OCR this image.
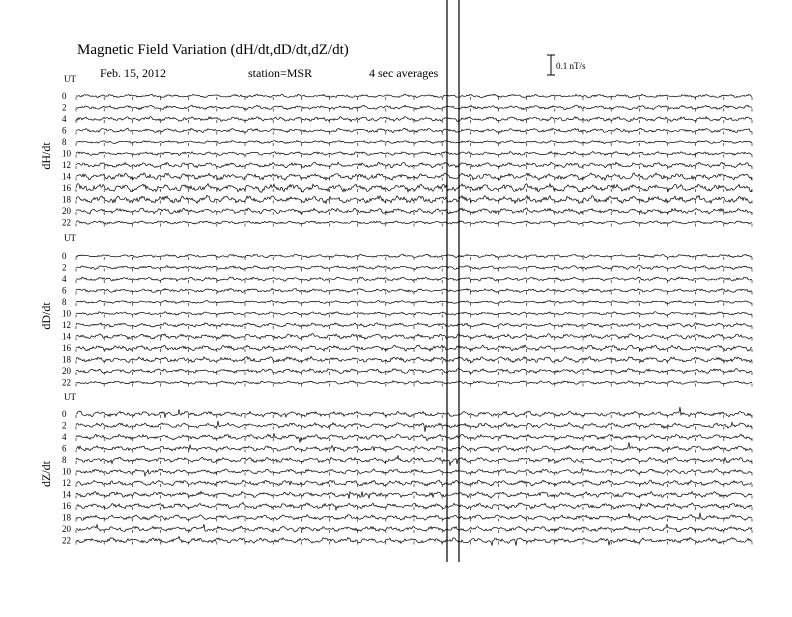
Magnetic Field Variation (dH/dt,dD/dt,dZ/dt)
Feb. 15, 2012	station=MSR	4 sec averages	0.1 nT/s
UT
dH/dt
0
2
4
6
8
10
12
14
16
18
20
22
UT
dD/dt
0
2
4
6
8
10
12
14
16
18
20
22
UT
dZ/dt
0
2
4
6
8
10
12
14
16
18
20
22
